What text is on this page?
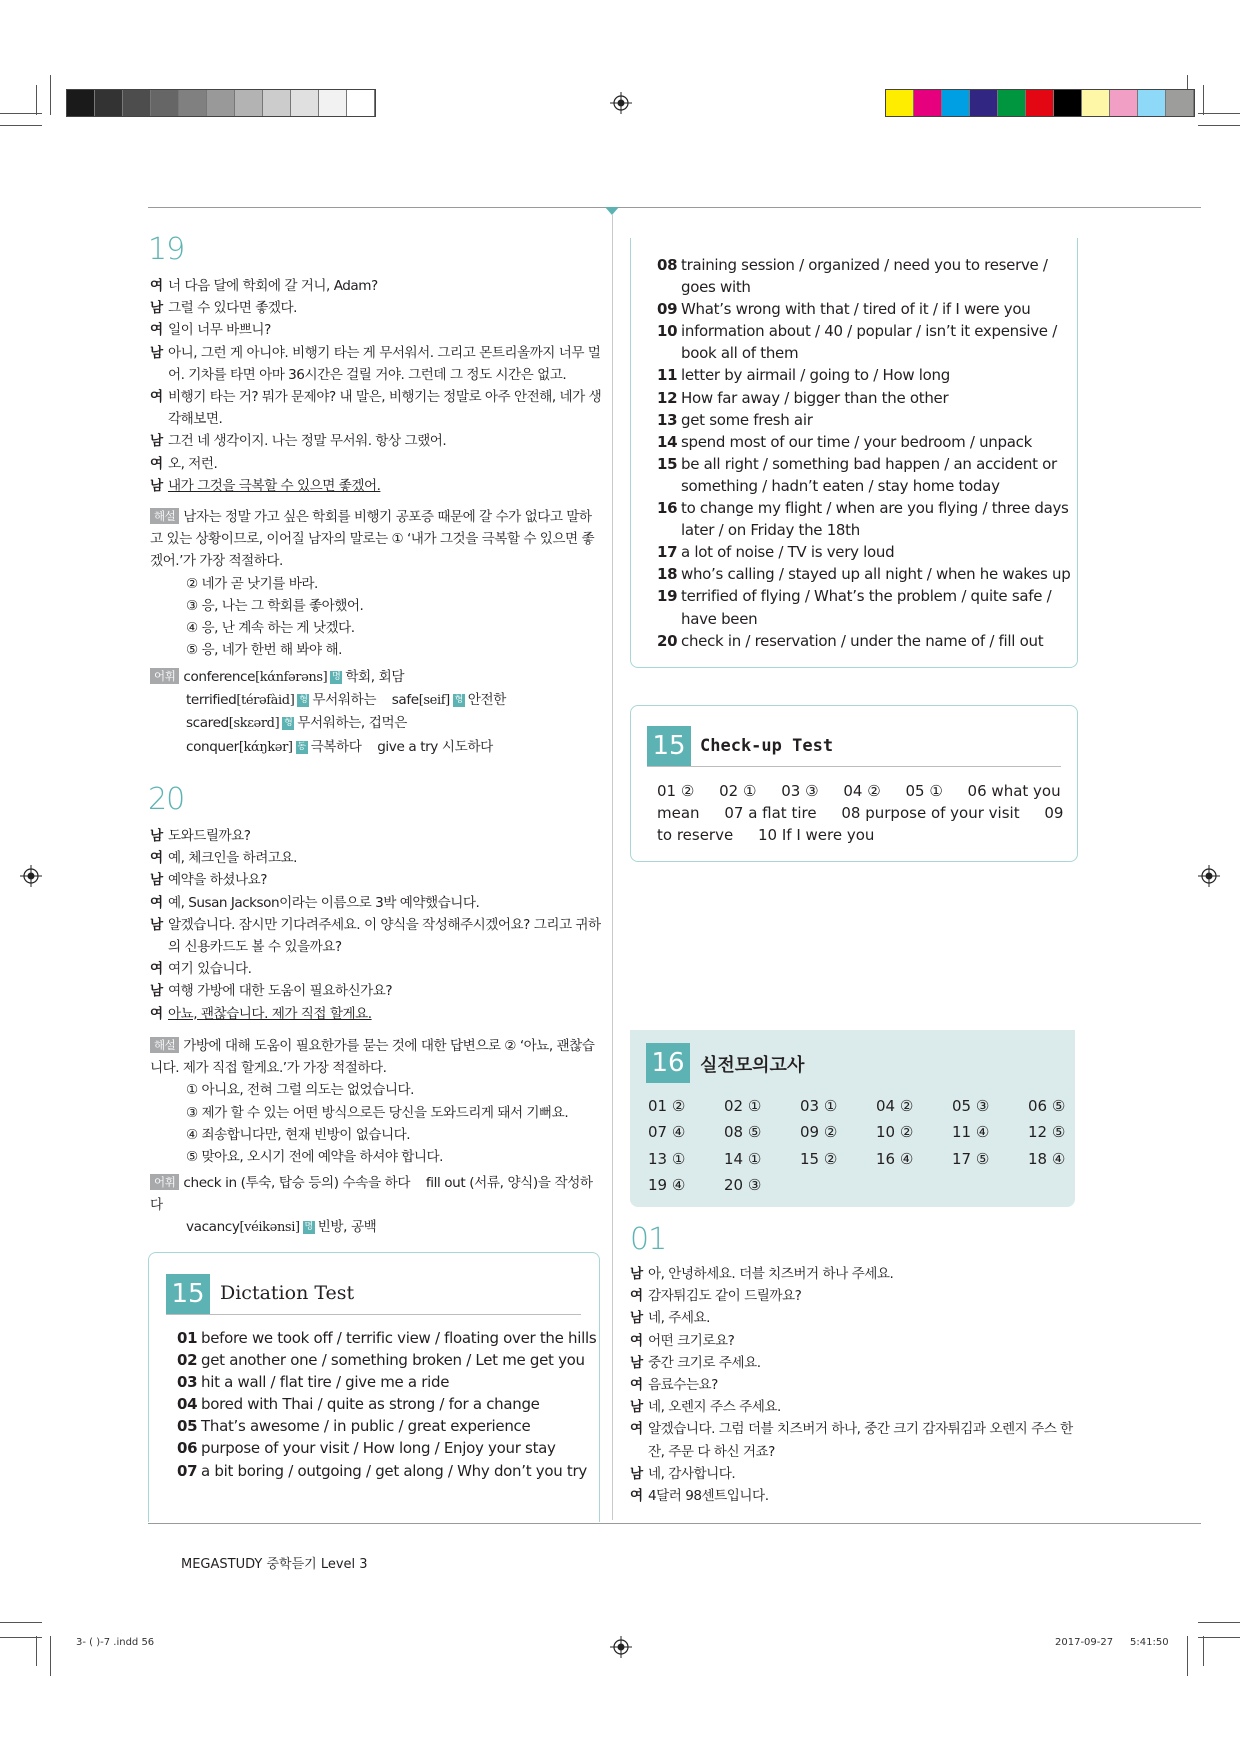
19
여 너 다음 달에 학회에 갈 거니, Adam?
남 그럴 수 있다면 좋겠다.
여 일이 너무 바쁘니?
남 아니, 그런 게 아니야. 비행기 타는 게 무서워서. 그리고 몬트리올까지 너무 멀어. 기차를 타면 아마 36시간은 걸릴 거야. 그런데 그 정도 시간은 없고.
여 비행기 타는 거? 뭐가 문제야? 내 말은, 비행기는 정말로 아주 안전해, 네가 생각해보면.
남 그건 네 생각이지. 나는 정말 무서워. 항상 그랬어.
여 오, 저런.
남 내가 그것을 극복할 수 있으면 좋겠어.
해설 남자는 정말 가고 싶은 학회를 비행기 공포증 때문에 갈 수가 없다고 말하고 있는 상황이므로, 이어질 남자의 말로는 ① ‘내가 그것을 극복할 수 있으면 좋겠어.’가 가장 적절하다.
② 네가 곧 낫기를 바라.
③ 응, 나는 그 학회를 좋아했어.
④ 응, 난 계속 하는 게 낫겠다.
⑤ 응, 네가 한번 해 봐야 해.
어휘 conference[kάnfərəns] 명 학회, 회담
terrified[térəfàid] 형 무서워하는 safe[seif] 형 안전한
scared[skɛərd] 형 무서워하는, 겁먹은
conquer[kάŋkər] 동 극복하다 give a try 시도하다
20
남 도와드릴까요?
여 예, 체크인을 하려고요.
남 예약을 하셨나요?
여 예, Susan Jackson이라는 이름으로 3박 예약했습니다.
남 알겠습니다. 잠시만 기다려주세요. 이 양식을 작성해주시겠어요? 그리고 귀하의 신용카드도 볼 수 있을까요?
여 여기 있습니다.
남 여행 가방에 대한 도움이 필요하신가요?
여 아뇨, 괜찮습니다. 제가 직접 할게요.
해설 가방에 대해 도움이 필요한가를 묻는 것에 대한 답변으로 ② ‘아뇨, 괜찮습니다. 제가 직접 할게요.’가 가장 적절하다.
① 아니요, 전혀 그럴 의도는 없었습니다.
③ 제가 할 수 있는 어떤 방식으로든 당신을 도와드리게 돼서 기뻐요.
④ 죄송합니다만, 현재 빈방이 없습니다.
⑤ 맞아요, 오시기 전에 예약을 하셔야 합니다.
어휘 check in (투숙, 탑승 등의) 수속을 하다 fill out (서류, 양식)을 작성하다
vacancy[véikənsi] 명 빈방, 공백
15 Dictation Test
01 before we took off / terrific view / floating over the hills
02 get another one / something broken / Let me get you
03 hit a wall / flat tire / give me a ride
04 bored with Thai / quite as strong / for a change
05 That’s awesome / in public / great experience
06 purpose of your visit / How long / Enjoy your stay
07 a bit boring / outgoing / get along / Why don’t you try
08 training session / organized / need you to reserve / goes with
09 What’s wrong with that / tired of it / if I were you
10 information about / 40 / popular / isn’t it expensive / book all of them
11 letter by airmail / going to / How long
12 How far away / bigger than the other
13 get some fresh air
14 spend most of our time / your bedroom / unpack
15 be all right / something bad happen / an accident or something / hadn’t eaten / stay home today
16 to change my flight / when are you flying / three days later / on Friday the 18th
17 a lot of noise / TV is very loud
18 who’s calling / stayed up all night / when he wakes up
19 terrified of flying / What’s the problem / quite safe / have been
20 check in / reservation / under the name of / fill out
15 Check-up Test
01 ② 02 ① 03 ③ 04 ② 05 ① 06 what you mean 07 a flat tire 08 purpose of your visit 09 to reserve 10 If I were you
16 실전모의고사
01 ②	02 ①	03 ①	04 ②	05 ③	06 ⑤
07 ④	08 ⑤	09 ②	10 ②	11 ④	12 ⑤
13 ①	14 ①	15 ②	16 ④	17 ⑤	18 ④
19 ④	20 ③
01
남 아, 안녕하세요. 더블 치즈버거 하나 주세요.
여 감자튀김도 같이 드릴까요?
남 네, 주세요.
여 어떤 크기로요?
남 중간 크기로 주세요.
여 음료수는요?
남 네, 오렌지 주스 주세요.
여 알겠습니다. 그럼 더블 치즈버거 하나, 중간 크기 감자튀김과 오렌지 주스 한 잔, 주문 다 하신 거죠?
남 네, 감사합니다.
여 4달러 98센트입니다.
MEGASTUDY 중학듣기 Level 3
3- ( )-7 .indd 56	2017-09-27 5:41:50
